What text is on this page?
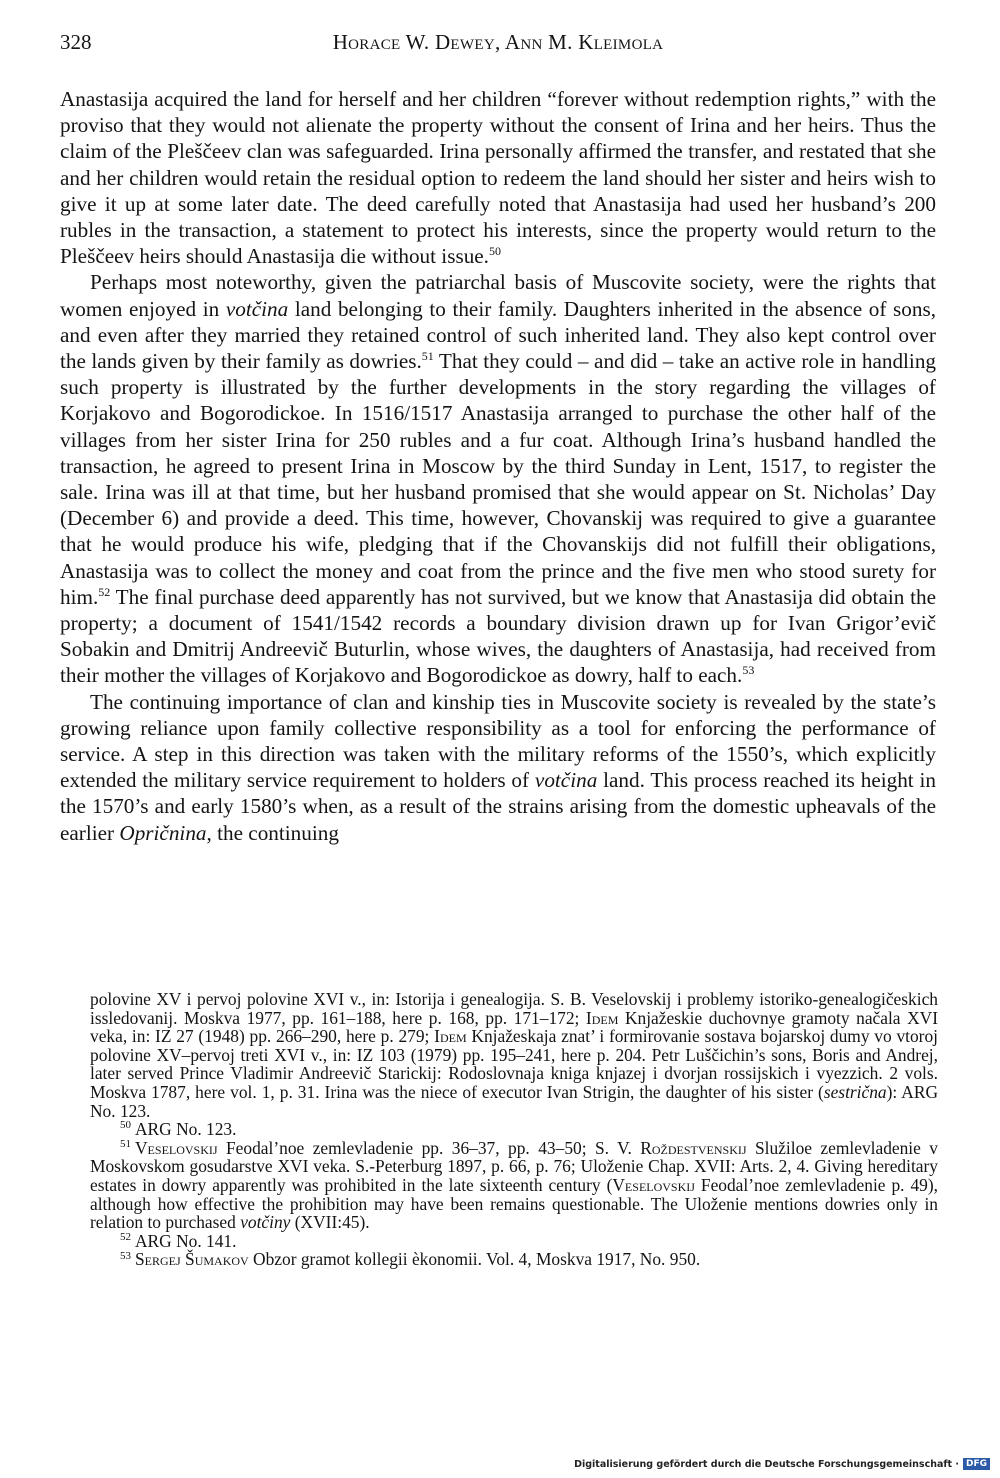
328	Horace W. Dewey, Ann M. Kleimola

Anastasija acquired the land for herself and her children “forever without redemption rights,” with the proviso that they would not alienate the property without the consent of Irina and her heirs. Thus the claim of the Pleščeev clan was safeguarded. Irina personally affirmed the transfer, and restated that she and her children would retain the residual option to redeem the land should her sister and heirs wish to give it up at some later date. The deed carefully noted that Anastasija had used her husband’s 200 rubles in the transaction, a statement to protect his interests, since the property would return to the Pleščeev heirs should Anastasija die without issue.$^{50}$

Perhaps most noteworthy, given the patriarchal basis of Muscovite society, were the rights that women enjoyed in votčina land belonging to their family. Daughters inherited in the absence of sons, and even after they married they retained control of such inherited land. They also kept control over the lands given by their family as dowries.$^{51}$ That they could – and did – take an active role in handling such property is illustrated by the further developments in the story regarding the villages of Korjakovo and Bogorodickoe. In 1516/1517 Anastasija arranged to purchase the other half of the villages from her sister Irina for 250 rubles and a fur coat. Although Irina’s husband handled the transaction, he agreed to present Irina in Moscow by the third Sunday in Lent, 1517, to register the sale. Irina was ill at that time, but her husband promised that she would appear on St. Nicholas’ Day (December 6) and provide a deed. This time, however, Chovanskij was required to give a guarantee that he would produce his wife, pledging that if the Chovanskijs did not fulfill their obligations, Anastasija was to collect the money and coat from the prince and the five men who stood surety for him.$^{52}$ The final purchase deed apparently has not survived, but we know that Anastasija did obtain the property; a document of 1541/1542 records a boundary division drawn up for Ivan Grigor’evič Sobakin and Dmitrij Andreevič Buturlin, whose wives, the daughters of Anastasija, had received from their mother the villages of Korjakovo and Bogorodickoe as dowry, half to each.$^{53}$

The continuing importance of clan and kinship ties in Muscovite society is revealed by the state’s growing reliance upon family collective responsibility as a tool for enforcing the performance of service. A step in this direction was taken with the military reforms of the 1550’s, which explicitly extended the military service requirement to holders of votčina land. This process reached its height in the 1570’s and early 1580’s when, as a result of the strains arising from the domestic upheavals of the earlier Opričnina, the continuing

polovine XV i pervoj polovine XVI v., in: Istorija i genealogija. S. B. Veselovskij i problemy istoriko-genealogičeskich issledovanij. Moskva 1977, pp. 161–188, here p. 168, pp. 171–172; Idem Knjažeskie duchovnye gramoty načala XVI veka, in: IZ 27 (1948) pp. 266–290, here p. 279; Idem Knjažeskaja znat’ i formirovanie sostava bojarskoj dumy vo vtoroj polovine XV–pervoj treti XVI v., in: IZ 103 (1979) pp. 195–241, here p. 204. Petr Luščichin’s sons, Boris and Andrej, later served Prince Vladimir Andreevič Starickij: Rodoslovnaja kniga knjazej i dvorjan rossijskich i vyezzich. 2 vols. Moskva 1787, here vol. 1, p. 31. Irina was the niece of executor Ivan Strigin, the daughter of his sister (sestrična): ARG No. 123.

$^{50}$ ARG No. 123.

$^{51}$ Veselovskij Feodal’noe zemlevladenie pp. 36–37, pp. 43–50; S. V. Roždestvenskij Služiloe zemlevladenie v Moskovskom gosudarstve XVI veka. S.-Peterburg 1897, p. 66, p. 76; Uloženie Chap. XVII: Arts. 2, 4. Giving hereditary estates in dowry apparently was prohibited in the late sixteenth century (Veselovskij Feodal’noe zemlevladenie p. 49), although how effective the prohibition may have been remains questionable. The Uloženie mentions dowries only in relation to purchased votčiny (XVII:45).

$^{52}$ ARG No. 141.

$^{53}$ Sergej Šumakov Obzor gramot kollegii èkonomii. Vol. 4, Moskva 1917, No. 950.

Digitalisierung gefördert durch die Deutsche Forschungsgemeinschaft · DFG
